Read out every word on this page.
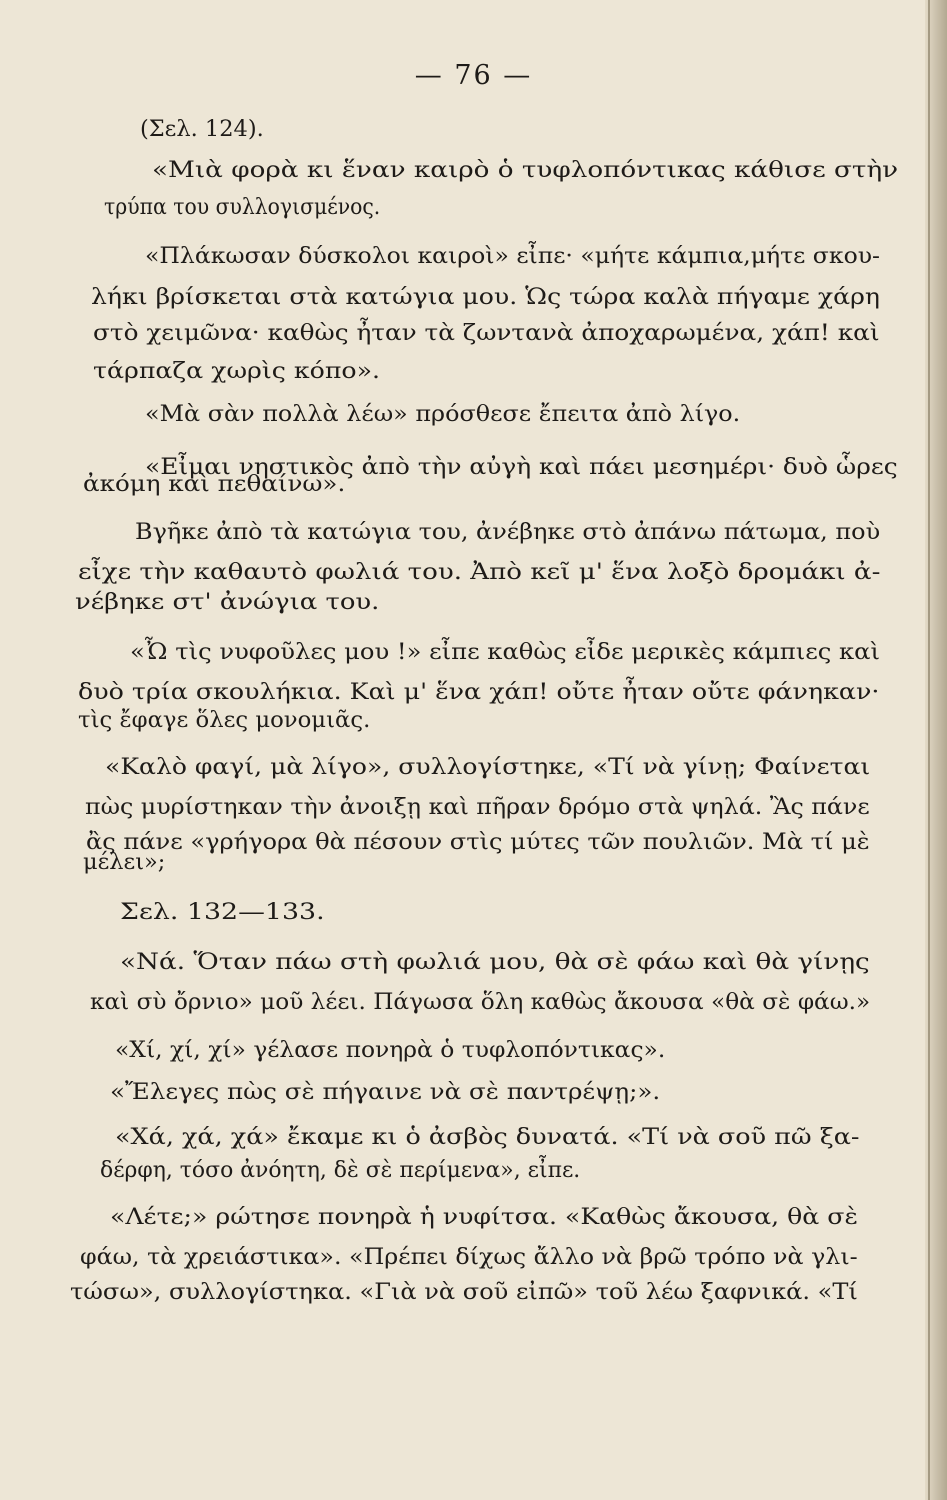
— 76 —
(Σελ. 124).
«Μιὰ φορὰ κι ἕναν καιρὸ ὁ τυφλοπόντικας κάθισε στὴν
τρύπα του συλλογισμένος.
«Πλάκωσαν δύσκολοι καιροὶ» εἶπε· «μήτε κάμπια,μήτε σκου-
λήκι βρίσκεται στὰ κατώγια μου. Ὡς τώρα καλὰ πήγαμε χάρη
στὸ χειμῶνα· καθὼς ἦταν τὰ ζωντανὰ ἀποχαρωμένα, χάπ! καὶ
τάρπαζα χωρὶς κόπο».
«Μὰ σὰν πολλὰ λέω» πρόσθεσε ἔπειτα ἀπὸ λίγο.
«Εἶμαι νηστικὸς ἀπὸ τὴν αὐγὴ καὶ πάει μεσημέρι· δυὸ ὧρες
ἀκόμη καὶ πεθαίνω».
Βγῆκε ἀπὸ τὰ κατώγια του, ἀνέβηκε στὸ ἀπάνω πάτωμα, ποὺ
εἶχε τὴν καθαυτὸ φωλιά του. Ἀπὸ κεῖ μ' ἕνα λοξὸ δρομάκι ἀ-
νέβηκε στ' ἀνώγια του.
«Ὦ τὶς νυφοῦλες μου !» εἶπε καθὼς εἶδε μερικὲς κάμπιες καὶ
δυὸ τρία σκουλήκια. Καὶ μ' ἕνα χάπ! οὔτε ἦταν οὔτε φάνηκαν·
τὶς ἔφαγε ὅλες μονομιᾶς.
«Καλὸ φαγί, μὰ λίγο», συλλογίστηκε, «Τί νὰ γίνῃ; Φαίνεται
πὼς μυρίστηκαν τὴν ἀνοιξῃ καὶ πῆραν δρόμο στὰ ψηλά. Ἂς πάνε
ἂς πάνε «γρήγορα θὰ πέσουν στὶς μύτες τῶν πουλιῶν. Μὰ τί μὲ
μέλει»;
Σελ. 132—133.
«Νά. Ὅταν πάω στὴ φωλιά μου, θὰ σὲ φάω καὶ θὰ γίνῃς
καὶ σὺ ὄρνιο» μοῦ λέει. Πάγωσα ὅλη καθὼς ἄκουσα «θὰ σὲ φάω.»
«Χί, χί, χί» γέλασε πονηρὰ ὁ τυφλοπόντικας».
«Ἔλεγες πὼς σὲ πήγαινε νὰ σὲ παντρέψῃ;».
«Χά, χά, χά» ἔκαμε κι ὁ ἀσβὸς δυνατά. «Τί νὰ σοῦ πῶ ξα-
δέρφη, τόσο ἀνόητη, δὲ σὲ περίμενα», εἶπε.
«Λέτε;» ρώτησε πονηρὰ ἡ νυφίτσα. «Καθὼς ἄκουσα, θὰ σὲ
φάω, τὰ χρειάστικα». «Πρέπει δίχως ἄλλο νὰ βρῶ τρόπο νὰ γλι-
τώσω», συλλογίστηκα. «Γιὰ νὰ σοῦ εἰπῶ» τοῦ λέω ξαφνικά. «Τί
